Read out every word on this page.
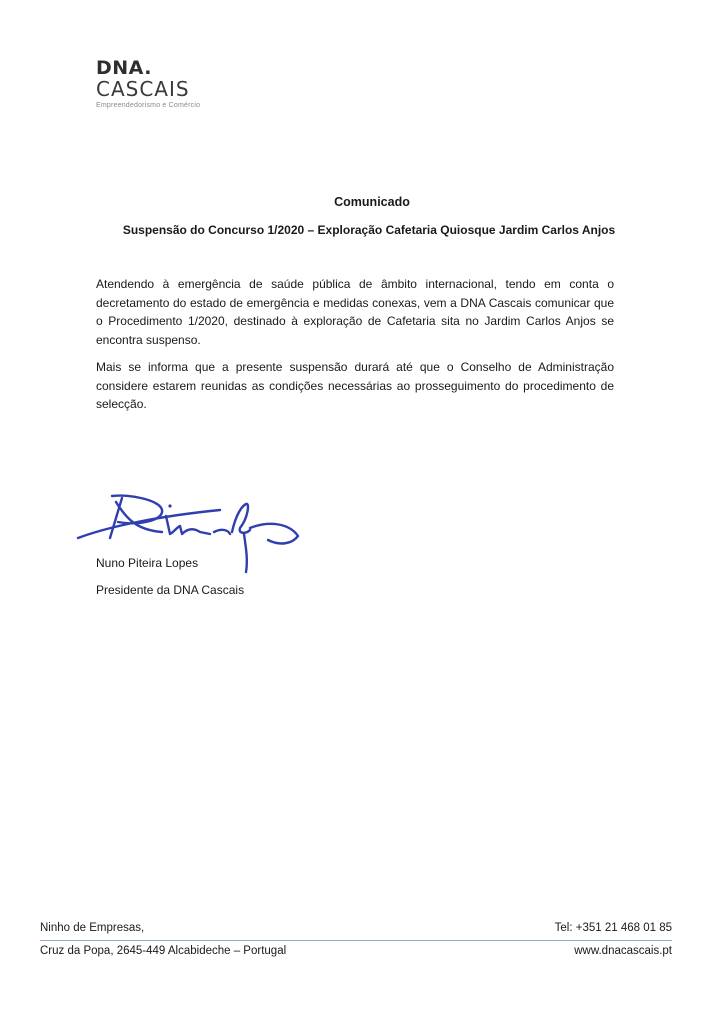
DNA.
CASCAIS
Empreendedorismo e Comércio
Comunicado
Suspensão do Concurso 1/2020 – Exploração Cafetaria Quiosque Jardim Carlos Anjos

Atendendo à emergência de saúde pública de âmbito internacional, tendo em conta o decretamento do estado de emergência e medidas conexas, vem a DNA Cascais comunicar que o Procedimento 1/2020, destinado à exploração de Cafetaria sita no Jardim Carlos Anjos se encontra suspenso.

Mais se informa que a presente suspensão durará até que o Conselho de Administração considere estarem reunidas as condições necessárias ao prosseguimento do procedimento de selecção.

Nuno Piteira Lopes
Presidente da DNA Cascais
Ninho de Empresas,	Tel: +351 21 468 01 85
Cruz da Popa, 2645-449 Alcabideche – Portugal	www.dnacascais.pt
